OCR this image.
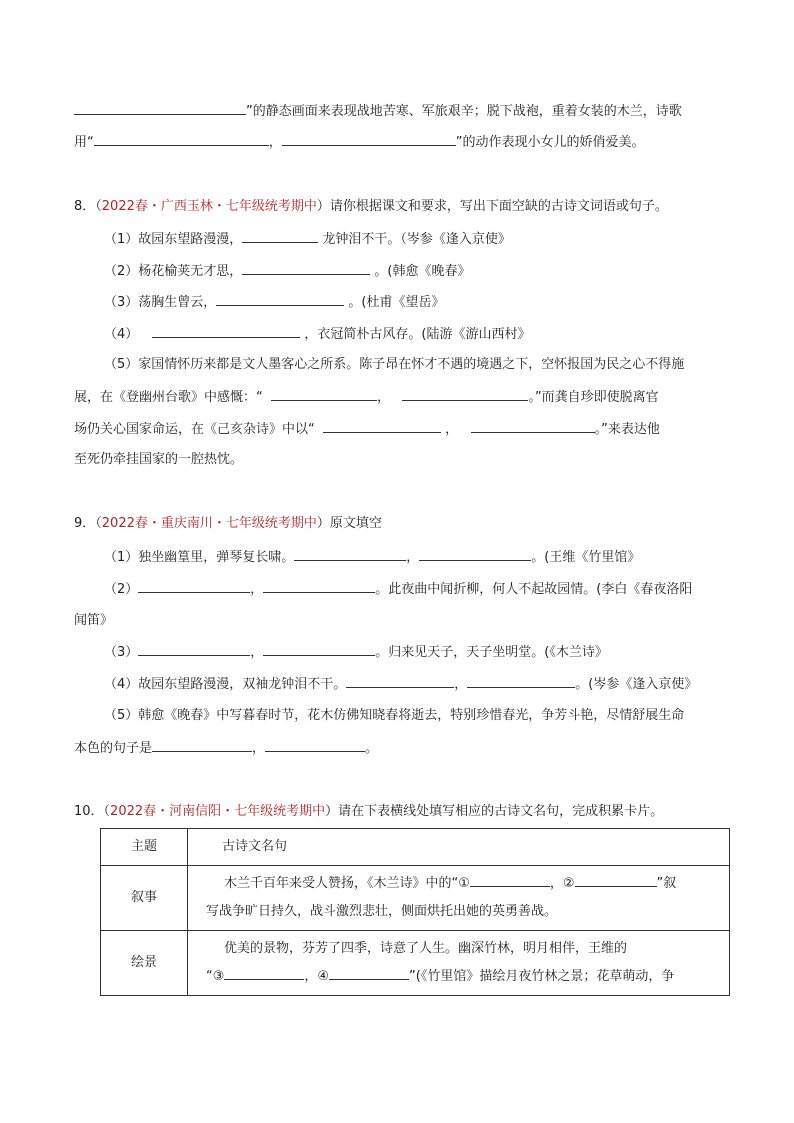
”的静态画面来表现战地苦寒、军旅艰辛；脱下战袍，重着女装的木兰，诗歌
用“	，	”的动作表现小女儿的娇俏爱美。
8．（2022春・广西玉林・七年级统考期中）请你根据课文和要求，写出下面空缺的古诗文词语或句子。
（1）故园东望路漫漫，	龙钟泪不干。（岑参《逢入京使》
（2）杨花榆荚无才思，	。(韩愈《晚春》
（3）荡胸生曾云，	。(杜甫《望岳》
（4）	，衣冠简朴古风存。(陆游《游山西村》
（5）家国情怀历来都是文人墨客心之所系。陈子昂在怀才不遇的境遇之下，空怀报国为民之心不得施
展，在《登幽州台歌》中感慨：“	，	。”而龚自珍即使脱离官
场仍关心国家命运，在《己亥杂诗》中以“	，	。”来表达他
至死仍牵挂国家的一腔热忱。
9．（2022春・重庆南川・七年级统考期中）原文填空
（1）独坐幽篁里，弹琴复长啸。	，	。(王维《竹里馆》
（2）	，	。此夜曲中闻折柳，何人不起故园情。(李白《春夜洛阳
闻笛》
（3）	，	。归来见天子，天子坐明堂。(《木兰诗》
（4）故园东望路漫漫，双袖龙钟泪不干。	，	。(岑参《逢入京使》
（5）韩愈《晚春》中写暮春时节，花木仿佛知晓春将逝去，特别珍惜春光，争芳斗艳，尽情舒展生命
本色的句子是	，	。
10．（2022春・河南信阳・七年级统考期中）请在下表横线处填写相应的古诗文名句，完成积累卡片。
主题	古诗文名句
叙事	木兰千百年来受人赞扬，《木兰诗》中的“① ，② ”叙
写战争旷日持久，战斗激烈悲壮，侧面烘托出她的英勇善战。

绘景	优美的景物，芬芳了四季，诗意了人生。幽深竹林，明月相伴，王维的
“③ ，④ ”(《竹里馆》描绘月夜竹林之景；花草萌动，争
